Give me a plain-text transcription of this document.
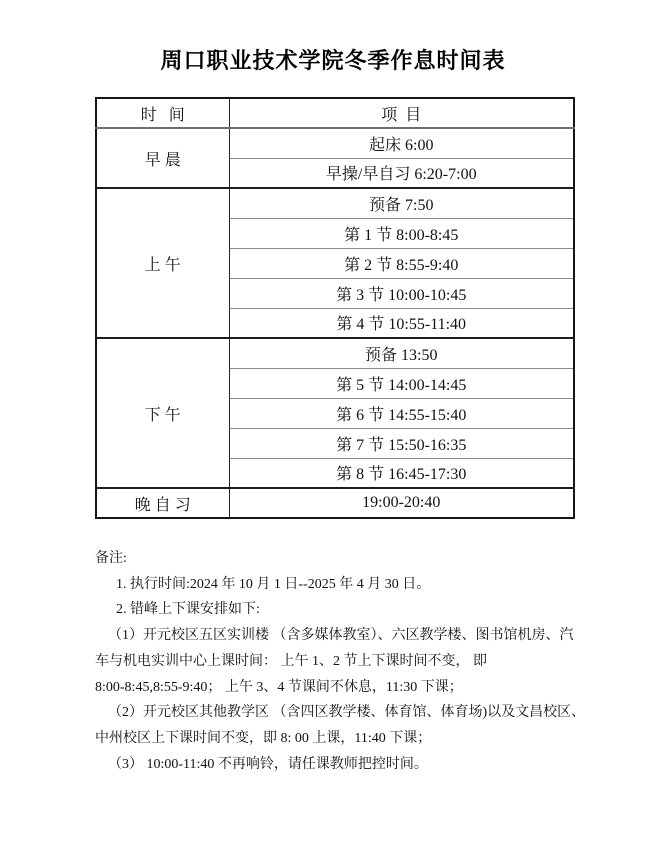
周口职业技术学院冬季作息时间表
时 间	项  目
早晨	起床 6:00
	早操/早自习 6:20-7:00
上午	预备 7:50
	第 1 节 8:00-8:45
	第 2 节 8:55-9:40
	第 3 节 10:00-10:45
	第 4 节 10:55-11:40
下午	预备 13:50
	第 5 节 14:00-14:45
	第 6 节 14:55-15:40
	第 7 节 15:50-16:35
	第 8 节 16:45-17:30
晚自习	19:00-20:40
备注:
1. 执行时间:2024 年 10 月 1 日--2025 年 4 月 30 日。
2. 错峰上下课安排如下:
（1）开元校区五区实训楼 （含多媒体教室）、六区教学楼、图书馆机房、汽
车与机电实训中心上课时间： 上午 1、2 节上下课时间不变， 即
8:00-8:45,8:55-9:40； 上午 3、4 节课间不休息，11:30 下课；
（2）开元校区其他教学区 （含四区教学楼、体育馆、体育场)以及文昌校区、
中州校区上下课时间不变，即 8: 00 上课，11:40 下课；
（3） 10:00-11:40 不再响铃，请任课教师把控时间。
